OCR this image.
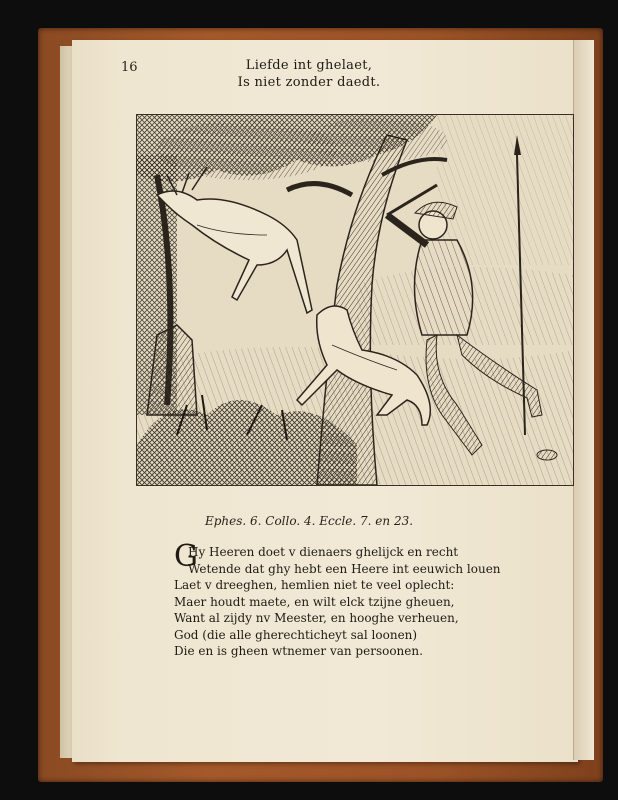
16	Liefde int ghelaet,
Is niet zonder daedt.
Ephes. 6. Collo. 4. Eccle. 7. en 23.
G
Hy Heeren doet v dienaers ghelijck en recht
Wetende dat ghy hebt een Heere int eeuwich louen
Laet v dreeghen, hemlien niet te veel oplecht:
Maer houdt maete, en wilt elck tzijne gheuen,
Want al zijdy nv Meester, en hooghe verheuen,
God (die alle gherechticheyt sal loonen)
Die en is gheen wtnemer van persoonen.
